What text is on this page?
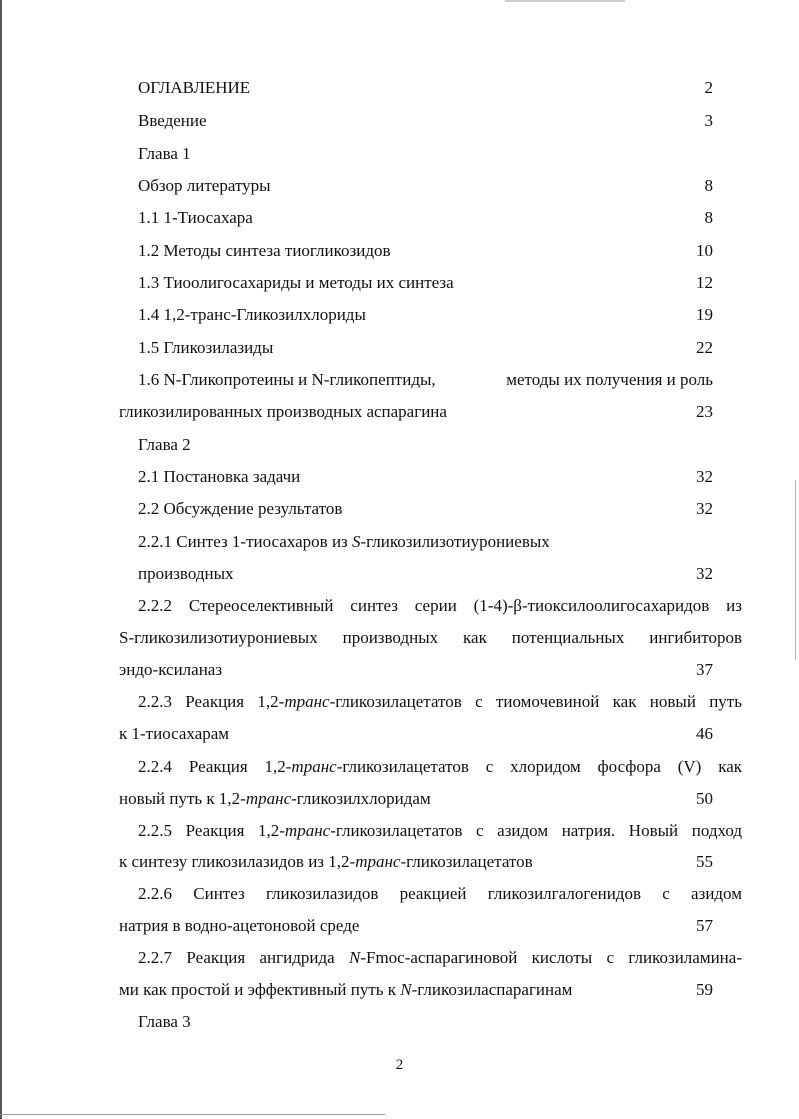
ОГЛАВЛЕНИЕ	2
Введение	3
Глава 1
Обзор литературы	8
1.1 1-Тиосахара	8
1.2 Методы синтеза тиогликозидов	10
1.3 Тиоолигосахариды и методы их синтеза	12
1.4 1,2-транс-Гликозилхлориды	19
1.5 Гликозилазиды	22
1.6 N-Гликопротеины и N-гликопептиды,	методы их получения и роль
гликозилированных производных аспарагина	23
Глава 2
2.1 Постановка задачи	32
2.2 Обсуждение результатов	32
2.2.1 Синтез 1-тиосахаров из S-гликозилизотиурониевых
производных	32
2.2.2 Стереоселективный синтез серии (1-4)-β-тиоксилоолигосахаридов из
S-гликозилизотиурониевых производных как потенциальных ингибиторов
эндо-ксиланаз	37
2.2.3 Реакция 1,2-транс-гликозилацетатов с тиомочевиной как новый путь
к 1-тиосахарам	46
2.2.4 Реакция 1,2-транс-гликозилацетатов с хлоридом фосфора (V) как
новый путь к 1,2-транс-гликозилхлоридам	50
2.2.5 Реакция 1,2-транс-гликозилацетатов с азидом натрия. Новый подход
к синтезу гликозилазидов из 1,2-транс-гликозилацетатов	55
2.2.6 Синтез гликозилазидов реакцией гликозилгалогенидов с азидом
натрия в водно-ацетоновой среде	57
2.2.7 Реакция ангидрида N-Fmoc-аспарагиновой кислоты с гликозиламина-
ми как простой и эффективный путь к N-гликозиласпарагинам	59
Глава 3
2
